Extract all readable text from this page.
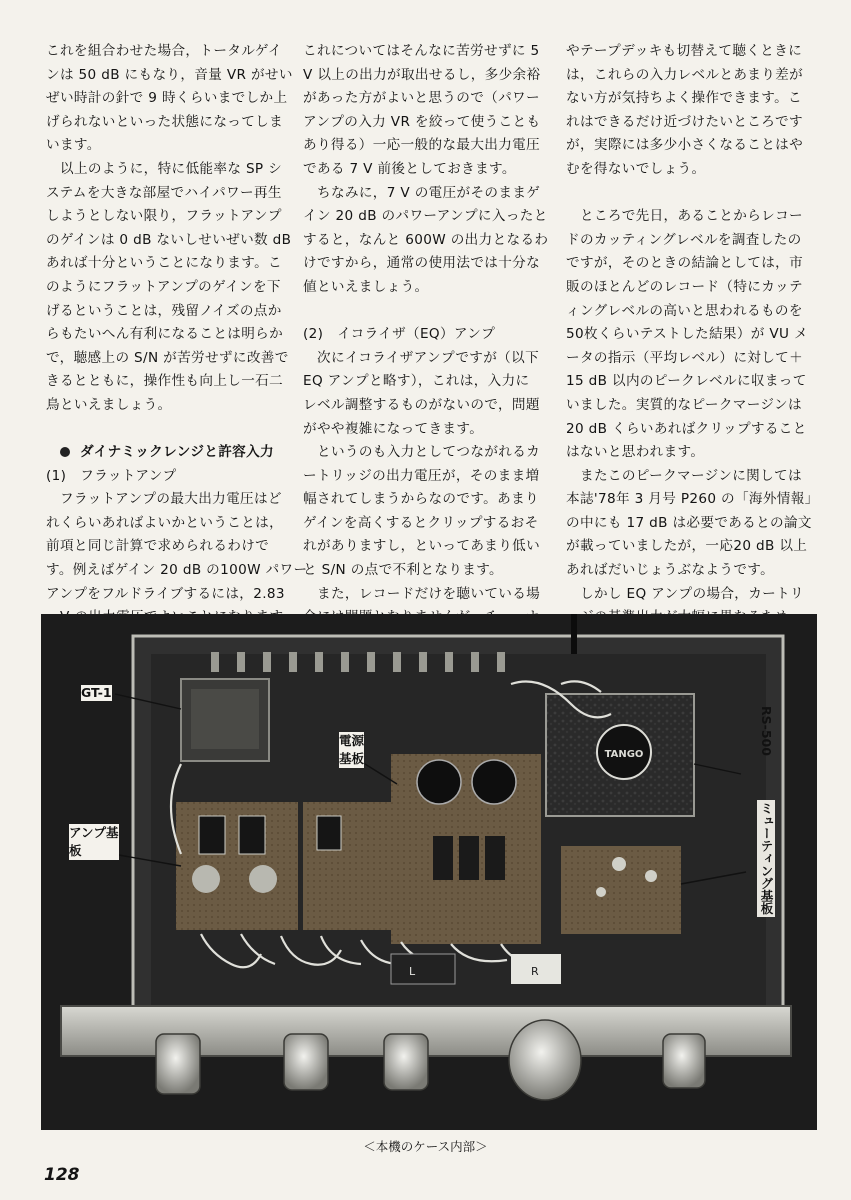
これを組合わせた場合，トータルゲイ

ンは 50 dB にもなり，音量 VR がせい

ぜい時計の針で 9 時くらいまでしか上

げられないといった状態になってしま

います。

以上のように，特に低能率な SP シ

ステムを大きな部屋でハイパワー再生

しようとしない限り，フラットアンプ

のゲインは 0 dB ないしせいぜい数 dB

あれば十分ということになります。こ

のようにフラットアンプのゲインを下

げるということは，残留ノイズの点か

らもたいへん有利になることは明らか

で，聴感上の S/N が苦労せずに改善で

きるとともに，操作性も向上し一石二

鳥といえましょう。

ダイナミックレンジと許容入力

(1)　フラットアンプ

フラットアンプの最大出力電圧はど

れくらいあればよいかということは，

前項と同じ計算で求められるわけで

す。例えばゲイン 20 dB の100W パワー

アンプをフルドライブするには，2.83

これについてはそんなに苦労せずに 5

V 以上の出力が取出せるし，多少余裕

があった方がよいと思うので（パワー

アンプの入力 VR を絞って使うことも

あり得る）一応一般的な最大出力電圧

である 7 V 前後としておきます。

ちなみに，7 V の電圧がそのままゲ

イン 20 dB のパワーアンプに入ったと

すると，なんと 600W の出力となるわ

けですから，通常の使用法では十分な

値といえましょう。

(2)　イコライザ（EQ）アンプ

次にイコライザアンプですが（以下

EQ アンプと略す），これは，入力に

レベル調整するものがないので，問題

がやや複雑になってきます。

というのも入力としてつながれるカ

ートリッジの出力電圧が，そのまま増

幅されてしまうからなのです。あまり

ゲインを高くするとクリップするおそ

れがありますし，といってあまり低い

と S/N の点で不利となります。

また，レコードだけを聴いている場

やテープデッキも切替えて聴くときに

は，これらの入力レベルとあまり差が

ない方が気持ちよく操作できます。こ

れはできるだけ近づけたいところです

が，実際には多少小さくなることはや

むを得ないでしょう。

ところで先日，あることからレコー

ドのカッティングレベルを調査したの

ですが，そのときの結論としては，市

販のほとんどのレコード（特にカッテ

ィングレベルの高いと思われるものを

50枚くらいテストした結果）が VU メ

ータの指示（平均レベル）に対して＋

15 dB 以内のピークレベルに収まって

いました。実質的なピークマージンは

20 dB くらいあればクリップすること

はないと思われます。

またこのピークマージンに関しては

本誌'78年 3 月号 P260 の「海外情報」

の中にも 17 dB は必要であるとの論文

が載っていましたが，一応20 dB 以上

あればだいじょうぶなようです。

しかし EQ アンプの場合，カートリ

TANGO
L	R
GT-1
電源
基板
アンプ基
板
RS-500
ミューティング基板
＜本機のケース内部＞
128
